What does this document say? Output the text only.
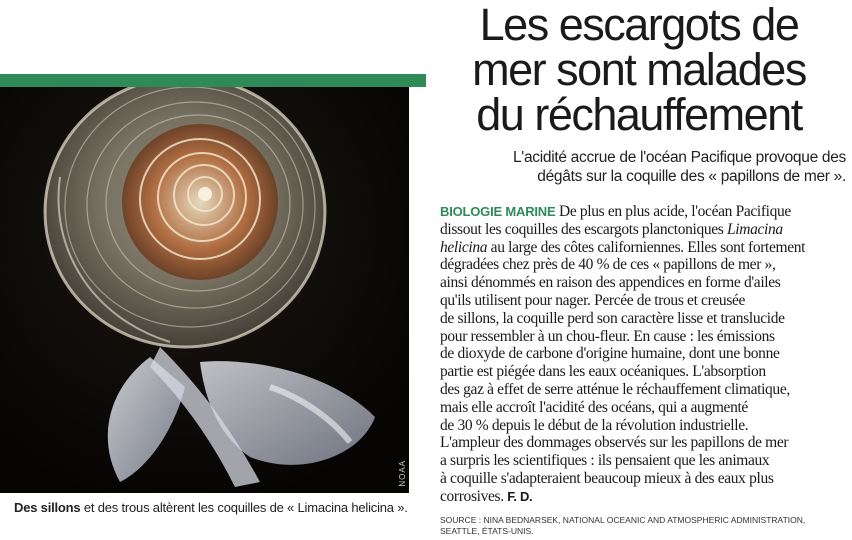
NOAA
Des sillons et des trous altèrent les coquilles de « Limacina helicina ».
Les escargots de
mer sont malades
du réchauffement

L'acidité accrue de l'océan Pacifique provoque des
dégâts sur la coquille des « papillons de mer ».

BIOLOGIE MARINE De plus en plus acide, l'océan Pacifique
dissout les coquilles des escargots planctoniques Limacina
helicina au large des côtes californiennes. Elles sont fortement
dégradées chez près de 40 % de ces « papillons de mer »,
ainsi dénommés en raison des appendices en forme d'ailes
qu'ils utilisent pour nager. Percée de trous et creusée
de sillons, la coquille perd son caractère lisse et translucide
pour ressembler à un chou-fleur. En cause : les émissions
de dioxyde de carbone d'origine humaine, dont une bonne
partie est piégée dans les eaux océaniques. L'absorption
des gaz à effet de serre atténue le réchauffement climatique,
mais elle accroît l'acidité des océans, qui a augmenté
de 30 % depuis le début de la révolution industrielle.
L'ampleur des dommages observés sur les papillons de mer
a surpris les scientifiques : ils pensaient que les animaux
à coquille s'adapteraient beaucoup mieux à des eaux plus
corrosives. F. D.

SOURCE : NINA BEDNARSEK, NATIONAL OCEANIC AND ATMOSPHERIC ADMINISTRATION,
SEATTLE, ÉTATS-UNIS.
